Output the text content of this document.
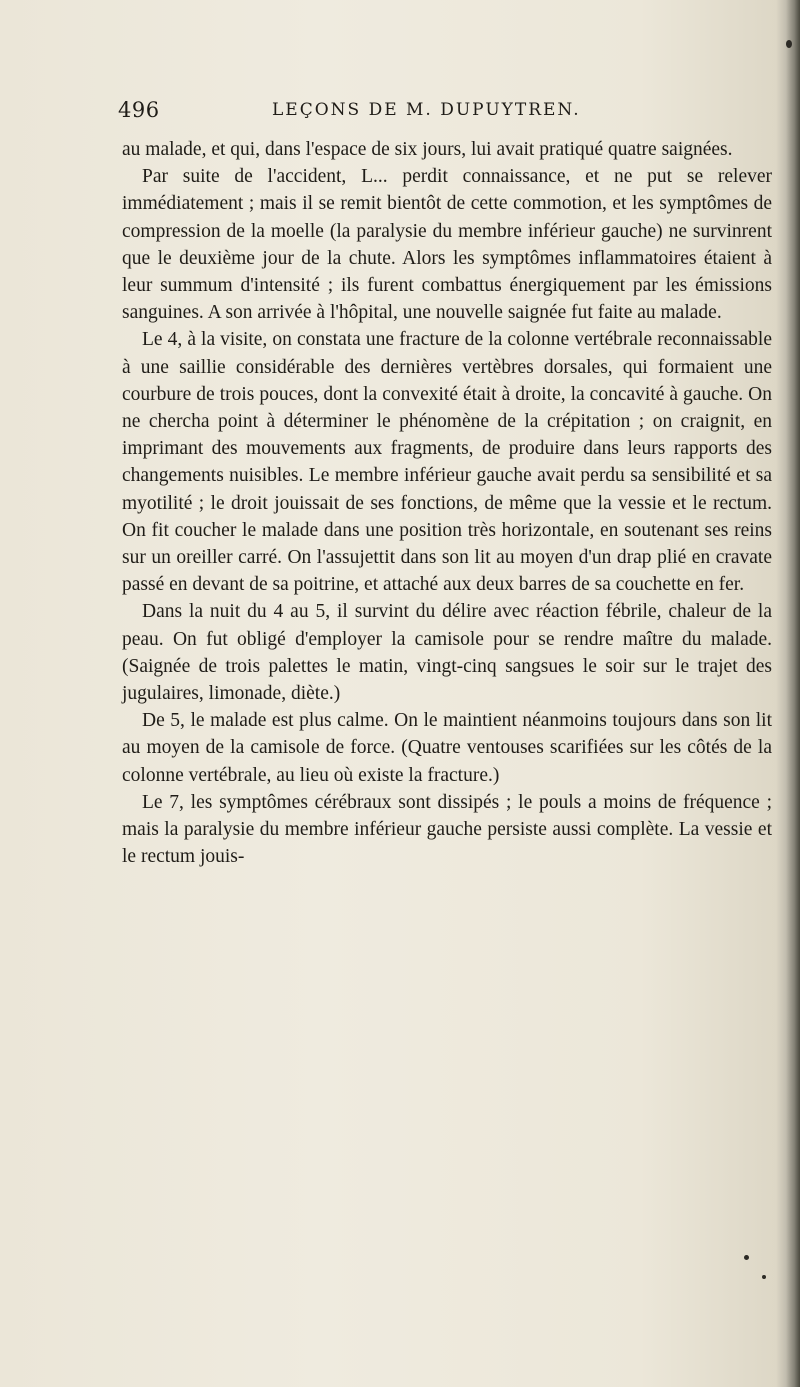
496	LEÇONS DE M. DUPUYTREN.

au malade, et qui, dans l'espace de six jours, lui avait pratiqué quatre saignées.

Par suite de l'accident, L... perdit connaissance, et ne put se relever immédiatement ; mais il se remit bientôt de cette commotion, et les symptômes de compression de la moelle (la paralysie du membre inférieur gauche) ne survinrent que le deuxième jour de la chute. Alors les symptômes inflammatoires étaient à leur summum d'intensité ; ils furent combattus énergiquement par les émissions sanguines. A son arrivée à l'hôpital, une nouvelle saignée fut faite au malade.

Le 4, à la visite, on constata une fracture de la colonne vertébrale reconnaissable à une saillie considérable des dernières vertèbres dorsales, qui formaient une courbure de trois pouces, dont la convexité était à droite, la concavité à gauche. On ne chercha point à déterminer le phénomène de la crépitation ; on craignit, en imprimant des mouvements aux fragments, de produire dans leurs rapports des changements nuisibles. Le membre inférieur gauche avait perdu sa sensibilité et sa myotilité ; le droit jouissait de ses fonctions, de même que la vessie et le rectum. On fit coucher le malade dans une position très horizontale, en soutenant ses reins sur un oreiller carré. On l'assujettit dans son lit au moyen d'un drap plié en cravate passé en devant de sa poitrine, et attaché aux deux barres de sa couchette en fer.

Dans la nuit du 4 au 5, il survint du délire avec réaction fébrile, chaleur de la peau. On fut obligé d'employer la camisole pour se rendre maître du malade. (Saignée de trois palettes le matin, vingt-cinq sangsues le soir sur le trajet des jugulaires, limonade, diète.)

De 5, le malade est plus calme. On le maintient néanmoins toujours dans son lit au moyen de la camisole de force. (Quatre ventouses scarifiées sur les côtés de la colonne vertébrale, au lieu où existe la fracture.)

Le 7, les symptômes cérébraux sont dissipés ; le pouls a moins de fréquence ; mais la paralysie du membre inférieur gauche persiste aussi complète. La vessie et le rectum jouis-
